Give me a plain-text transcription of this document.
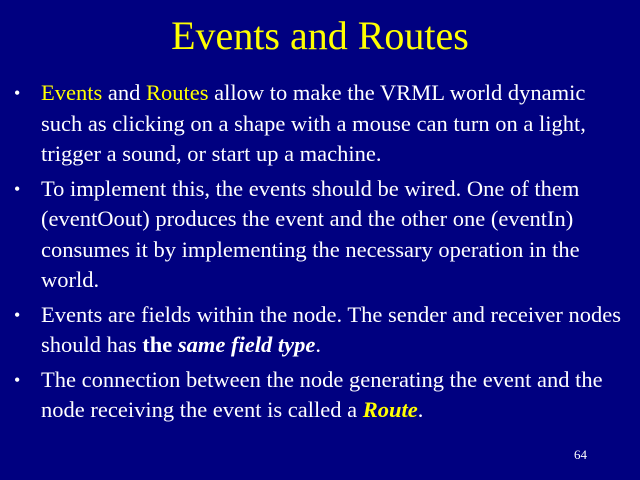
Events and Routes
• Events and Routes allow to make the VRML world dynamic such as clicking on a shape with a mouse can turn on a light, trigger a sound, or start up a machine.
• To implement this, the events should be wired. One of them (eventOout) produces the event and the other one (eventIn) consumes it by implementing the necessary operation in the world.
• Events are fields within the node. The sender and receiver nodes should has the same field type.
• The connection between the node generating the event and the node receiving the event is called a Route.
64
